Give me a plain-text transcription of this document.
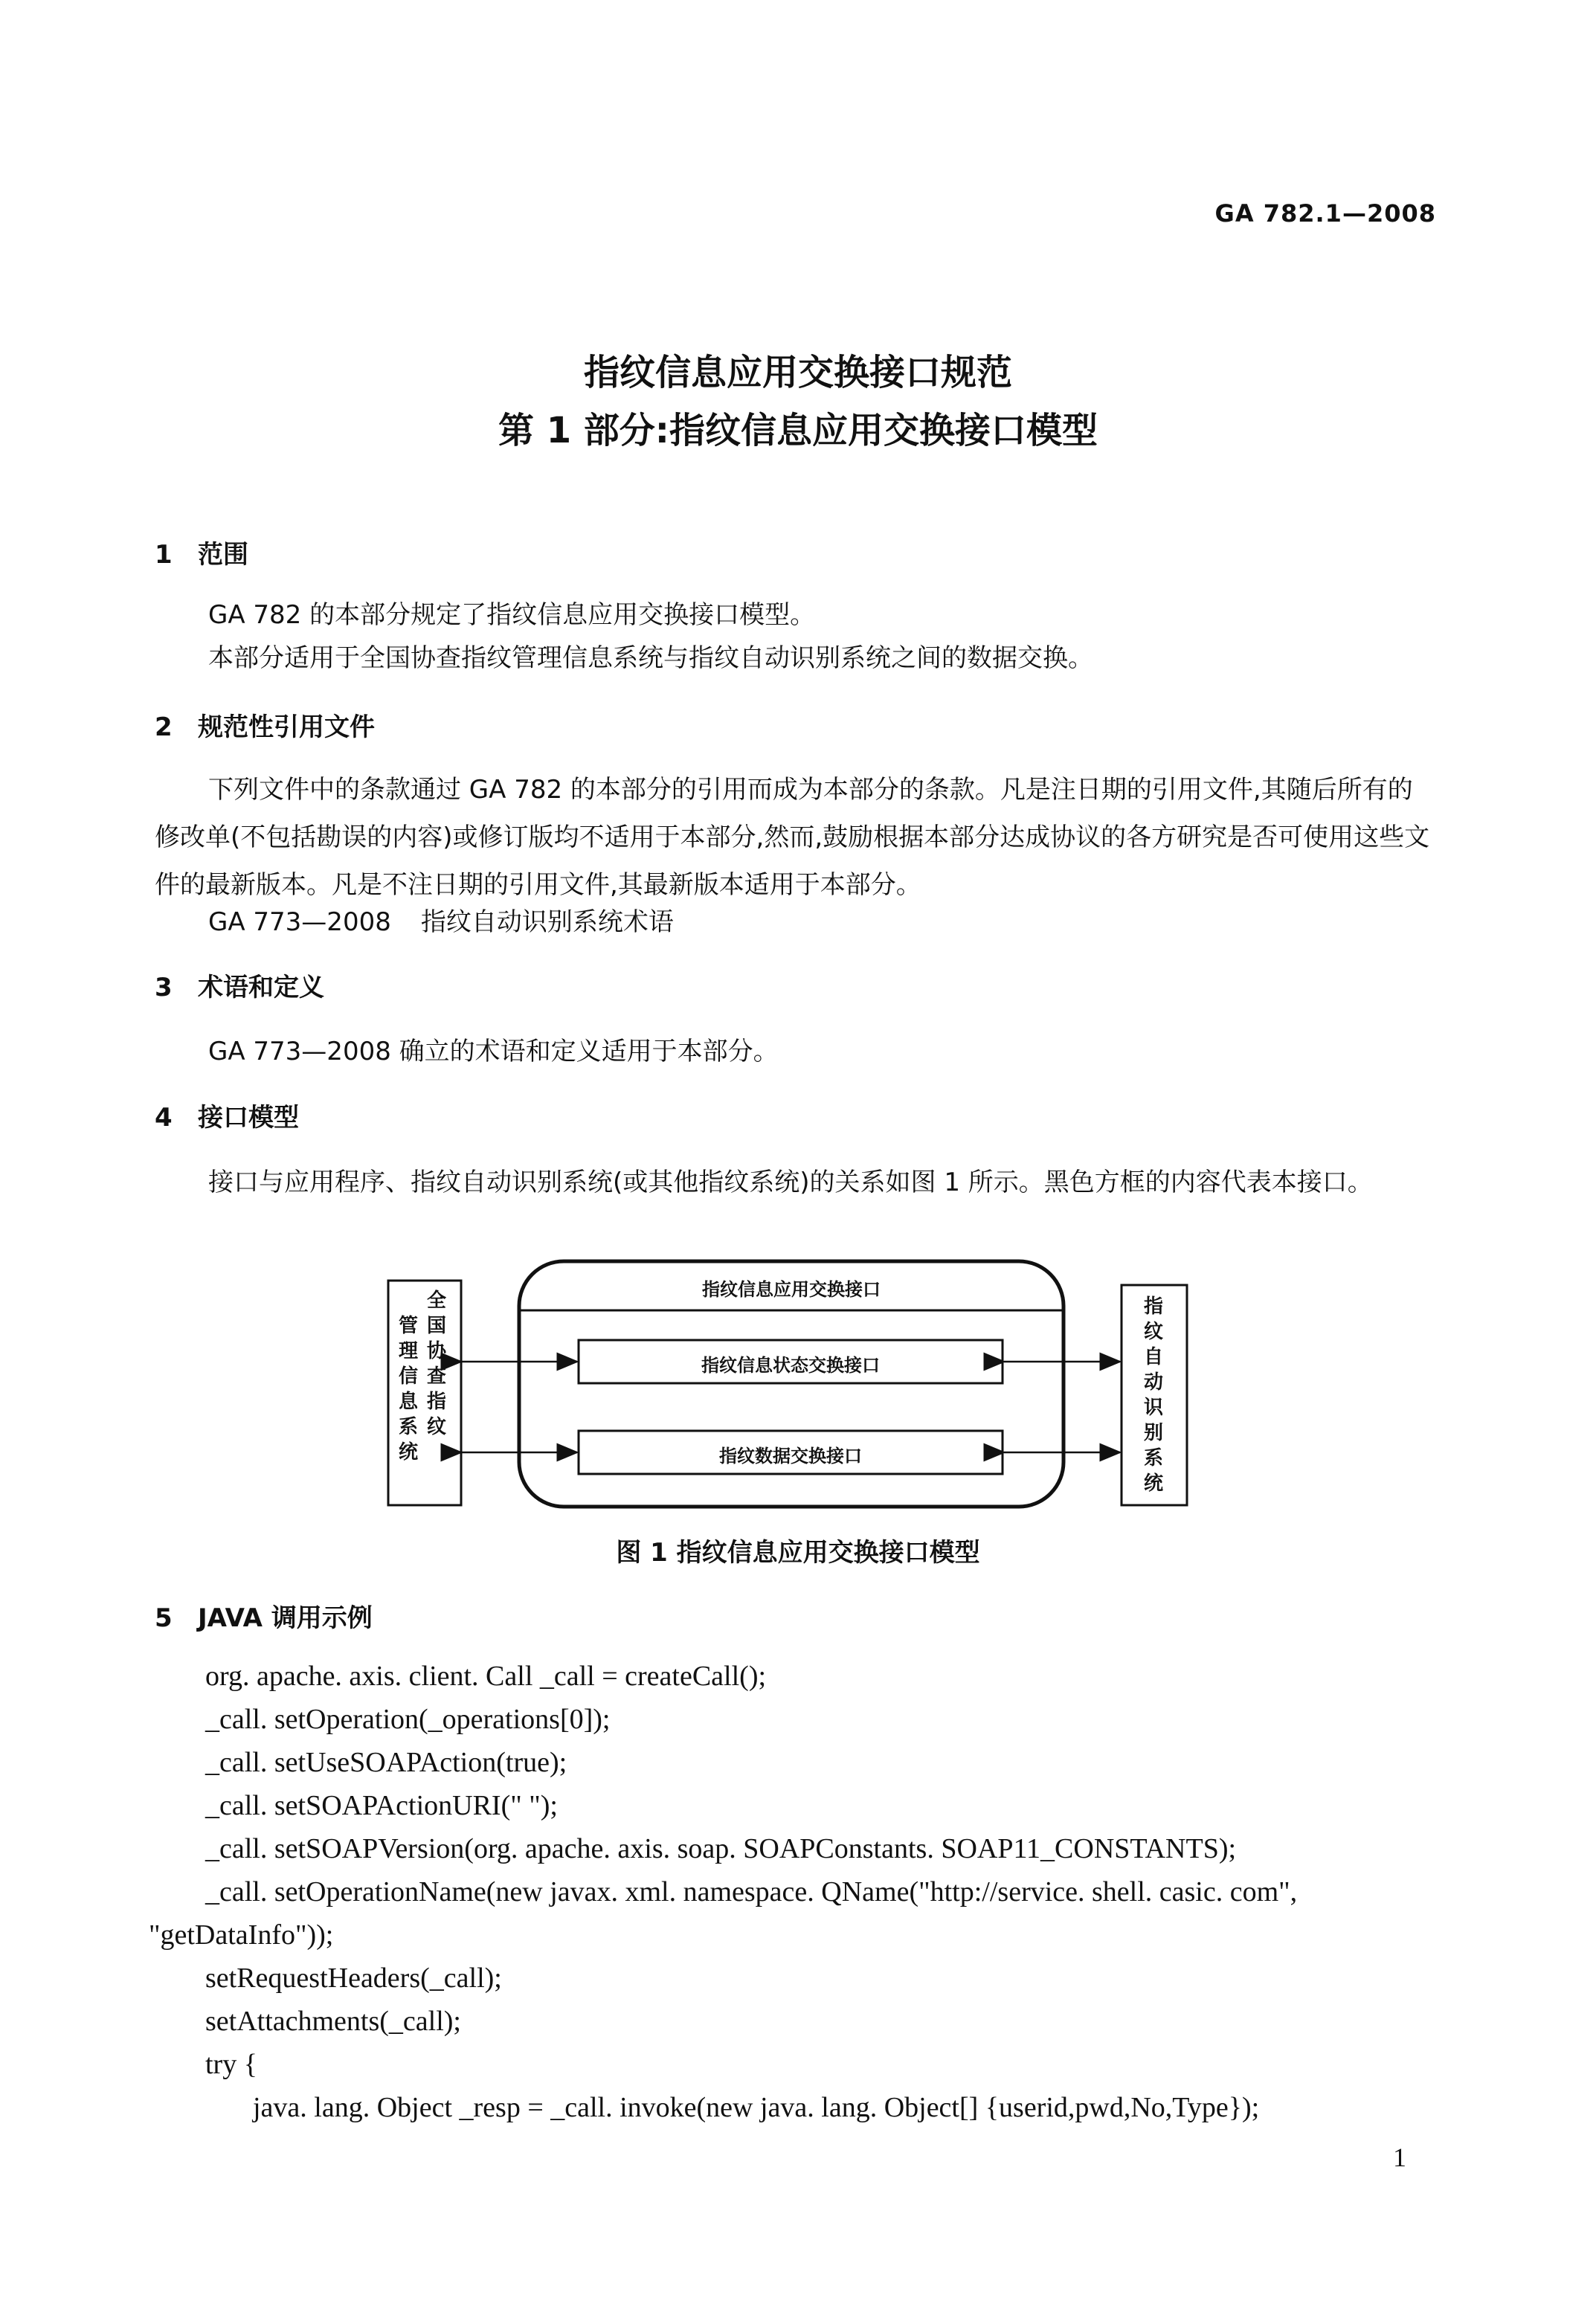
GA 782.1—2008
指纹信息应用交换接口规范
第 1 部分:指纹信息应用交换接口模型
1 范围
GA 782 的本部分规定了指纹信息应用交换接口模型。
本部分适用于全国协查指纹管理信息系统与指纹自动识别系统之间的数据交换。
2 规范性引用文件
下列文件中的条款通过 GA 782 的本部分的引用而成为本部分的条款。凡是注日期的引用文件,其随后所有的修改单(不包括勘误的内容)或修订版均不适用于本部分,然而,鼓励根据本部分达成协议的各方研究是否可使用这些文件的最新版本。凡是不注日期的引用文件,其最新版本适用于本部分。
GA 773—2008 指纹自动识别系统术语
3 术语和定义
GA 773—2008 确立的术语和定义适用于本部分。
4 接口模型
接口与应用程序、指纹自动识别系统(或其他指纹系统)的关系如图 1 所示。黑色方框的内容代表本接口。
指纹信息应用交换接口
指纹信息状态交换接口
指纹数据交换接口
管理信息系统
全国协查指纹
指纹自动识别系统
图 1 指纹信息应用交换接口模型
5 JAVA 调用示例
org. apache. axis. client. Call _call = createCall();
_call. setOperation(_operations[0]);
_call. setUseSOAPAction(true);
_call. setSOAPActionURI(" ");
_call. setSOAPVersion(org. apache. axis. soap. SOAPConstants. SOAP11_CONSTANTS);
_call. setOperationName(new javax. xml. namespace. QName("http://service. shell. casic. com",
"getDataInfo"));
setRequestHeaders(_call);
setAttachments(_call);
try {
java. lang. Object _resp = _call. invoke(new java. lang. Object[] {userid,pwd,No,Type});
1
